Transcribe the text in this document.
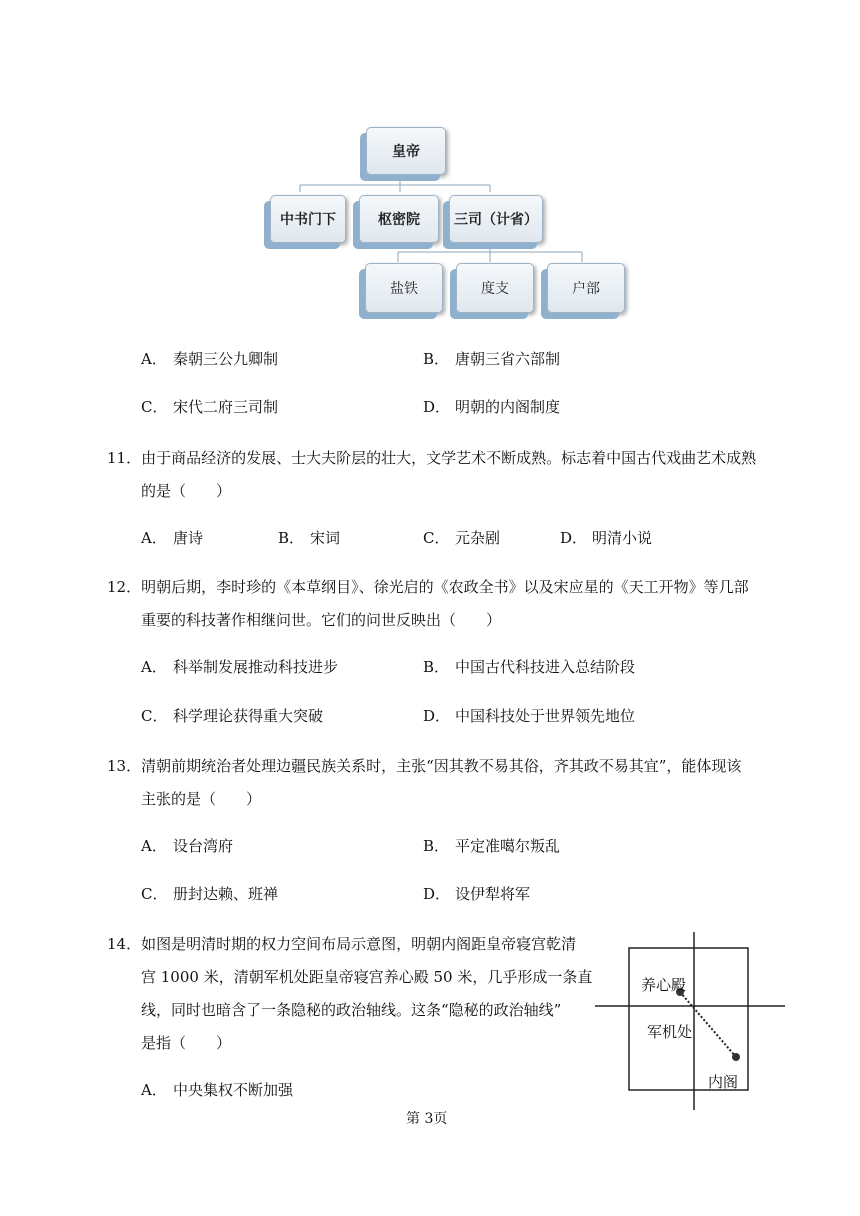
皇帝
中书门下	枢密院 三司（计省）
盐铁	度支	户部
A． 秦朝三公九卿制	B． 唐朝三省六部制
C． 宋代二府三司制	D． 明朝的内阁制度
11．由于商品经济的发展、士大夫阶层的壮大，文学艺术不断成熟。标志着中国古代戏曲艺术成熟
的是（　　）
A． 唐诗	B． 宋词	C． 元杂剧	D． 明清小说
12．明朝后期，李时珍的《本草纲目》、徐光启的《农政全书》以及宋应星的《天工开物》等几部
重要的科技著作相继问世。它们的问世反映出（　　）
A． 科举制发展推动科技进步	B． 中国古代科技进入总结阶段
C． 科学理论获得重大突破	D． 中国科技处于世界领先地位
13．清朝前期统治者处理边疆民族关系时，主张“因其教不易其俗，齐其政不易其宜”，能体现该
主张的是（　　）
A． 设台湾府	B． 平定准噶尔叛乱
C． 册封达赖、班禅	D． 设伊犁将军
14．如图是明清时期的权力空间布局示意图，明朝内阁距皇帝寝宫乾清
宫 1000 米，清朝军机处距皇帝寝宫养心殿 50 米，几乎形成一条直
线，同时也暗含了一条隐秘的政治轴线。这条“隐秘的政治轴线”
是指（　　）
A． 中央集权不断加强
养心殿
军机处
内阁
第 3页
